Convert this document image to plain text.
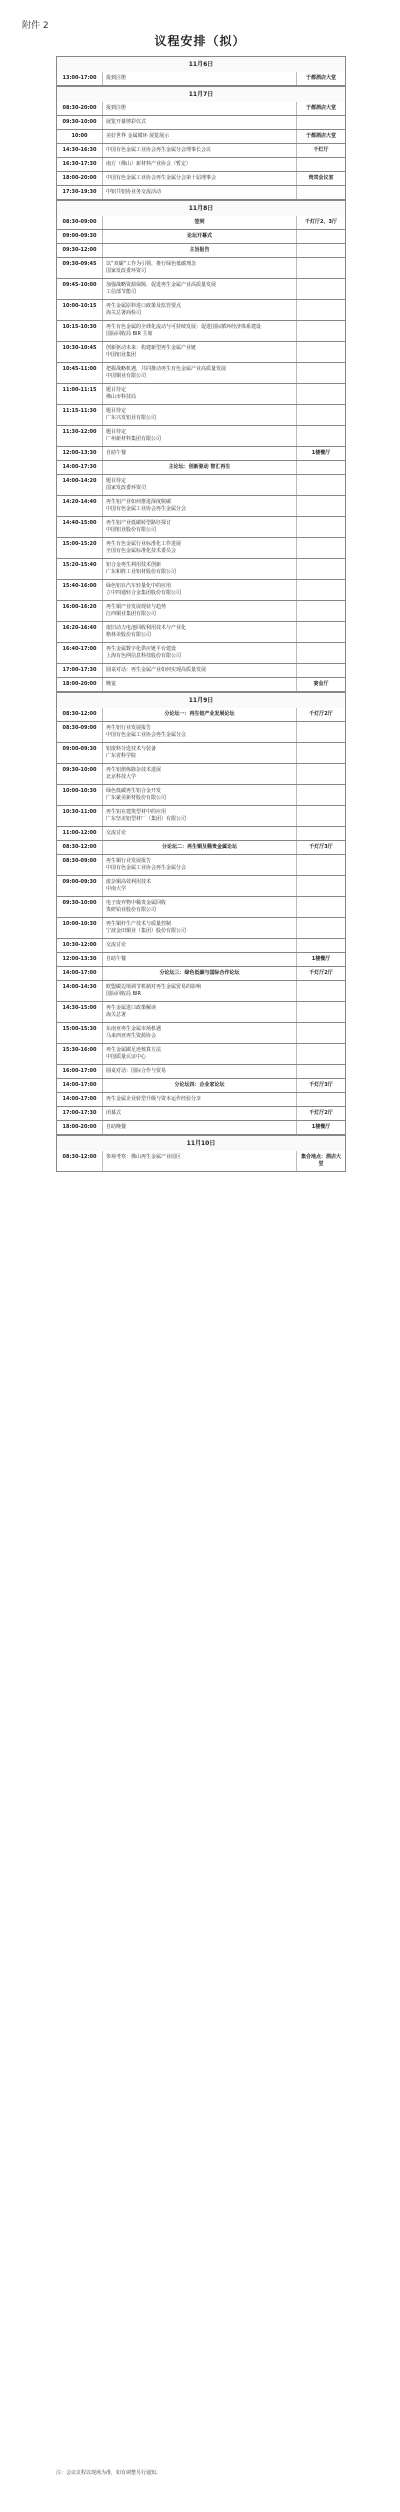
附件 2
议程安排（拟）
11月6日
13:00-17:00	报到注册	于都酒店大堂
11月7日
08:30-20:00	报到注册	于都酒店大堂
09:30-10:00	展览开幕剪彩仪式
10:00	美好世界 金属循环 展览展示	于都酒店大堂
14:30-16:30	中国有色金属工业协会再生金属分会理事长会议	千灯厅
16:30-17:30	南方（佛山）新材料产业协会（暂定）
18:00-20:00	中国有色金属工业协会再生金属分会第十届理事会	贵宾会议室
17:30-19:30	中铝共铝协业务交流活动
11月8日
08:30-09:00	签到	千灯厅2、3厅
09:00-09:30	论坛开幕式
09:30-12:00	主旨报告
09:30-09:45	以“双碳”工作为引领，推行绿色低碳理念
国家发改委环资司
09:45-10:00	加强战略资源保障，促进再生金属产业高质量发展
工信部节能司
10:00-10:15	再生金属原料进口政策及监管要点
海关总署商检司
10:15-10:30	再生有色金属的全球化流动与可持续发展：促进国际循环经济体系建设
国际回收局 BIR 主席
10:30-10:45	创新驱动未来：构建新型再生金属产业链
中国铝业集团
10:45-11:00	把握战略机遇，共同推动再生有色金属产业高质量发展
中国铜业有限公司
11:00-11:15	题目待定
佛山市科技局
11:15-11:30	题目待定
广东兴发铝业有限公司
11:30-12:00	题目待定
广州新材料集团有限公司
12:00-13:30	自助午餐	1楼餐厅
14:00-17:30	主论坛：创新驱动 智汇再生
14:00-14:20	题目待定
国家发改委环资司
14:20-14:40	再生铝产业如何推进深度脱碳
中国有色金属工业协会再生金属分会
14:40-15:00	再生铝产业低碳转型路径探讨
中国铝业股份有限公司
15:00-15:20	再生有色金属行业标准化工作进展
全国有色金属标准化技术委员会
15:20-15:40	铝合金再生利用技术创新
广东和胜工业铝材股份有限公司
15:40-16:00	绿色铝在汽车轻量化中的应用
立中四通轻合金集团股份有限公司
16:00-16:20	再生铜产业发展现状与趋势
江西铜业集团有限公司
16:20-16:40	废旧动力电池回收利用技术与产业化
格林美股份有限公司
16:40-17:00	再生金属数字化供应链平台建设
上海有色网信息科技股份有限公司
17:00-17:30	圆桌对话：再生金属产业如何实现高质量发展
18:00-20:00	晚宴	宴会厅
11月9日
08:30-12:00	分论坛一：再生铝产业发展论坛	千灯厅2厅
08:30-09:00	再生铝行业发展报告
中国有色金属工业协会再生金属分会
09:00-09:30	铝废料分选技术与装备
广东省科学院
09:30-10:00	再生铝熔炼除杂技术进展
北京科技大学
10:00-10:30	绿色低碳再生铝合金开发
广东豪美新材股份有限公司
10:30-11:00	再生铝在建筑型材中的应用
广东坚美铝型材厂（集团）有限公司
11:00-12:00	交流讨论
08:30-12:00	分论坛二：再生铜及稀贵金属论坛	千灯厅3厅
08:30-09:00	再生铜行业发展报告
中国有色金属工业协会再生金属分会
09:00-09:30	废杂铜高效利用技术
中南大学
09:30-10:00	电子废弃物中稀贵金属回收
贵研铂业股份有限公司
10:00-10:30	再生铜杆生产技术与质量控制
宁波金田铜业（集团）股份有限公司
10:30-12:00	交流讨论
12:00-13:30	自助午餐	1楼餐厅
14:00-17:00	分论坛三：绿色低碳与国际合作论坛	千灯厅2厅
14:00-14:30	欧盟碳边境调节机制对再生金属贸易的影响
国际回收局 BIR
14:30-15:00	再生金属进口政策解读
海关总署
15:00-15:30	东南亚再生金属市场机遇
马来西亚再生资源协会
15:30-16:00	再生金属碳足迹核算方法
中国质量认证中心
16:00-17:00	圆桌对话：国际合作与贸易
14:00-17:00	分论坛四：企业家论坛	千灯厅3厅
14:00-17:00	再生金属企业转型升级与资本运作经验分享
17:00-17:30	闭幕式	千灯厅2厅
18:00-20:00	自助晚餐	1楼餐厅
11月10日
08:30-12:00	参观考察：佛山再生金属产业园区	集合地点：酒店大堂
注：会议议程以现场为准，如有调整另行通知。
